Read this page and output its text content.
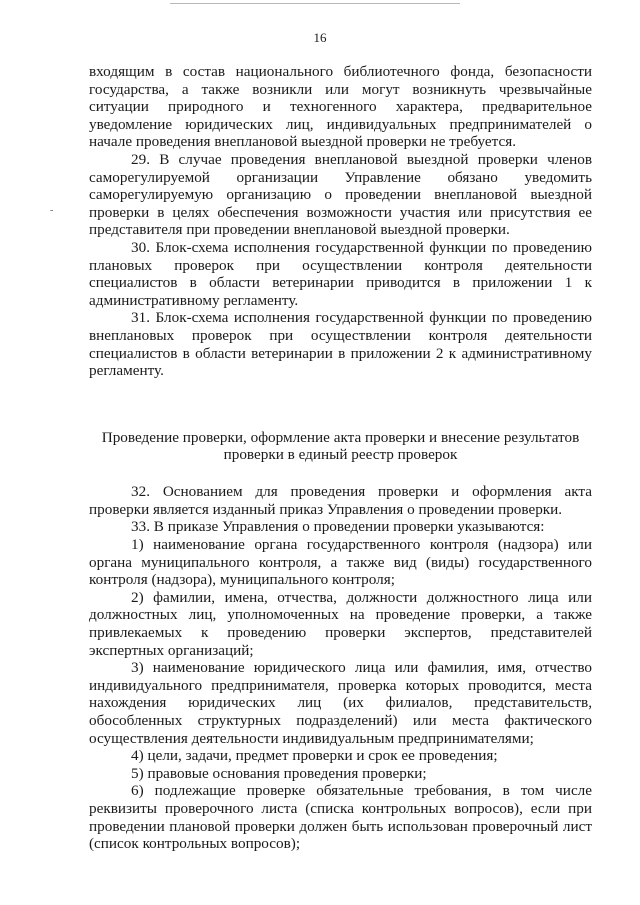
16
-

входящим в состав национального библиотечного фонда, безопасности государства, а также возникли или могут возникнуть чрезвычайные ситуации природного и техногенного характера, предварительное уведомление юридических лиц, индивидуальных предпринимателей о начале проведения внеплановой выездной проверки не требуется.

29. В случае проведения внеплановой выездной проверки членов саморегулируемой организации Управление обязано уведомить саморегулируемую организацию о проведении внеплановой выездной проверки в целях обеспечения возможности участия или присутствия ее представителя при проведении внеплановой выездной проверки.

30. Блок-схема исполнения государственной функции по проведению плановых проверок при осуществлении контроля деятельности специалистов в области ветеринарии приводится в приложении 1 к административному регламенту.

31. Блок-схема исполнения государственной функции по проведению внеплановых проверок при осуществлении контроля деятельности специалистов в области ветеринарии в приложении 2 к административному регламенту.

Проведение проверки, оформление акта проверки и внесение результатов проверки в единый реестр проверок

32. Основанием для проведения проверки и оформления акта проверки является изданный приказ Управления о проведении проверки.

33. В приказе Управления о проведении проверки указываются:

1) наименование органа государственного контроля (надзора) или органа муниципального контроля, а также вид (виды) государственного контроля (надзора), муниципального контроля;

2) фамилии, имена, отчества, должности должностного лица или должностных лиц, уполномоченных на проведение проверки, а также привлекаемых к проведению проверки экспертов, представителей экспертных организаций;

3) наименование юридического лица или фамилия, имя, отчество индивидуального предпринимателя, проверка которых проводится, места нахождения юридических лиц (их филиалов, представительств, обособленных структурных подразделений) или места фактического осуществления деятельности индивидуальным предпринимателями;

4) цели, задачи, предмет проверки и срок ее проведения;

5) правовые основания проведения проверки;

6) подлежащие проверке обязательные требования, в том числе реквизиты проверочного листа (списка контрольных вопросов), если при проведении плановой проверки должен быть использован проверочный лист (список контрольных вопросов);
